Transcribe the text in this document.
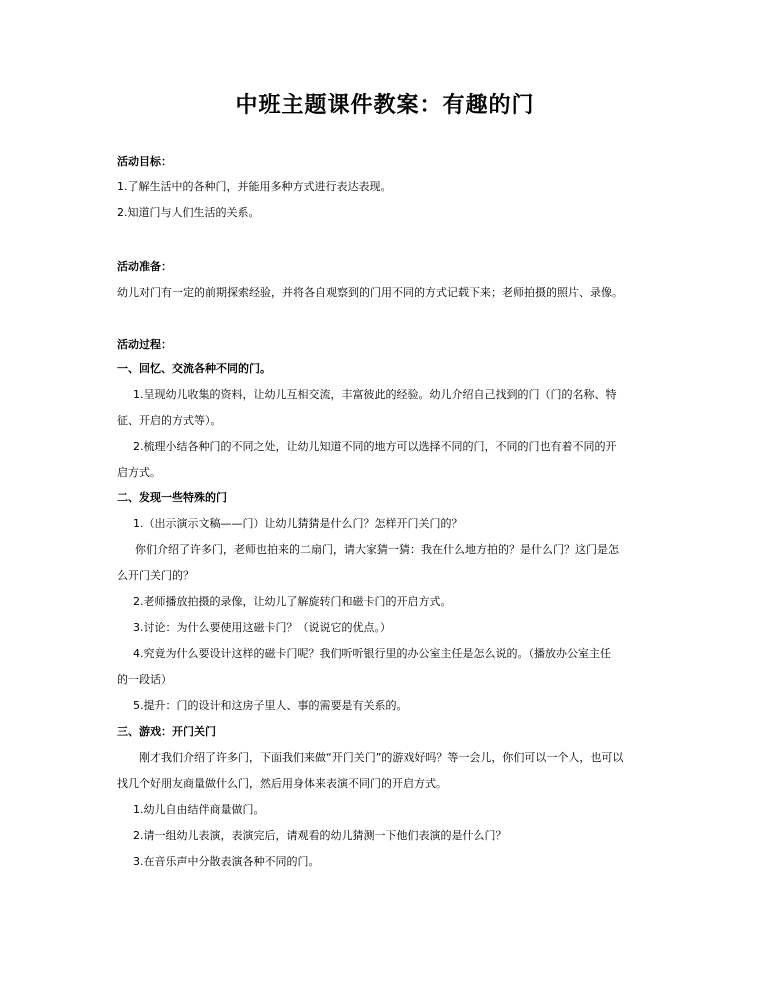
中班主题课件教案：有趣的门
活动目标：
1.了解生活中的各种门，并能用多种方式进行表达表现。
2.知道门与人们生活的关系。
活动准备：
幼儿对门有一定的前期探索经验，并将各自观察到的门用不同的方式记载下来；老师拍摄的照片、录像。
活动过程：
一、回忆、交流各种不同的门。
1.呈现幼儿收集的资料，让幼儿互相交流，丰富彼此的经验。幼儿介绍自己找到的门（门的名称、特
征、开启的方式等）。
2.梳理小结各种门的不同之处，让幼儿知道不同的地方可以选择不同的门，不同的门也有着不同的开
启方式。
二、发现一些特殊的门
1.（出示演示文稿——门）让幼儿猜猜是什么门？怎样开门关门的？
你们介绍了许多门，老师也拍来的二扇门，请大家猜一猜：我在什么地方拍的？是什么门？这门是怎
么开门关门的？
2.老师播放拍摄的录像，让幼儿了解旋转门和磁卡门的开启方式。
3.讨论：为什么要使用这磁卡门？（说说它的优点。）
4.究竟为什么要设计这样的磁卡门呢？我们听听银行里的办公室主任是怎么说的。（播放办公室主任
的一段话）
5.提升：门的设计和这房子里人、事的需要是有关系的。
三、游戏：开门关门
刚才我们介绍了许多门，下面我们来做“开门关门”的游戏好吗？等一会儿，你们可以一个人，也可以
找几个好朋友商量做什么门，然后用身体来表演不同门的开启方式。
1.幼儿自由结伴商量做门。
2.请一组幼儿表演，表演完后，请观看的幼儿猜测一下他们表演的是什么门？
3.在音乐声中分散表演各种不同的门。
